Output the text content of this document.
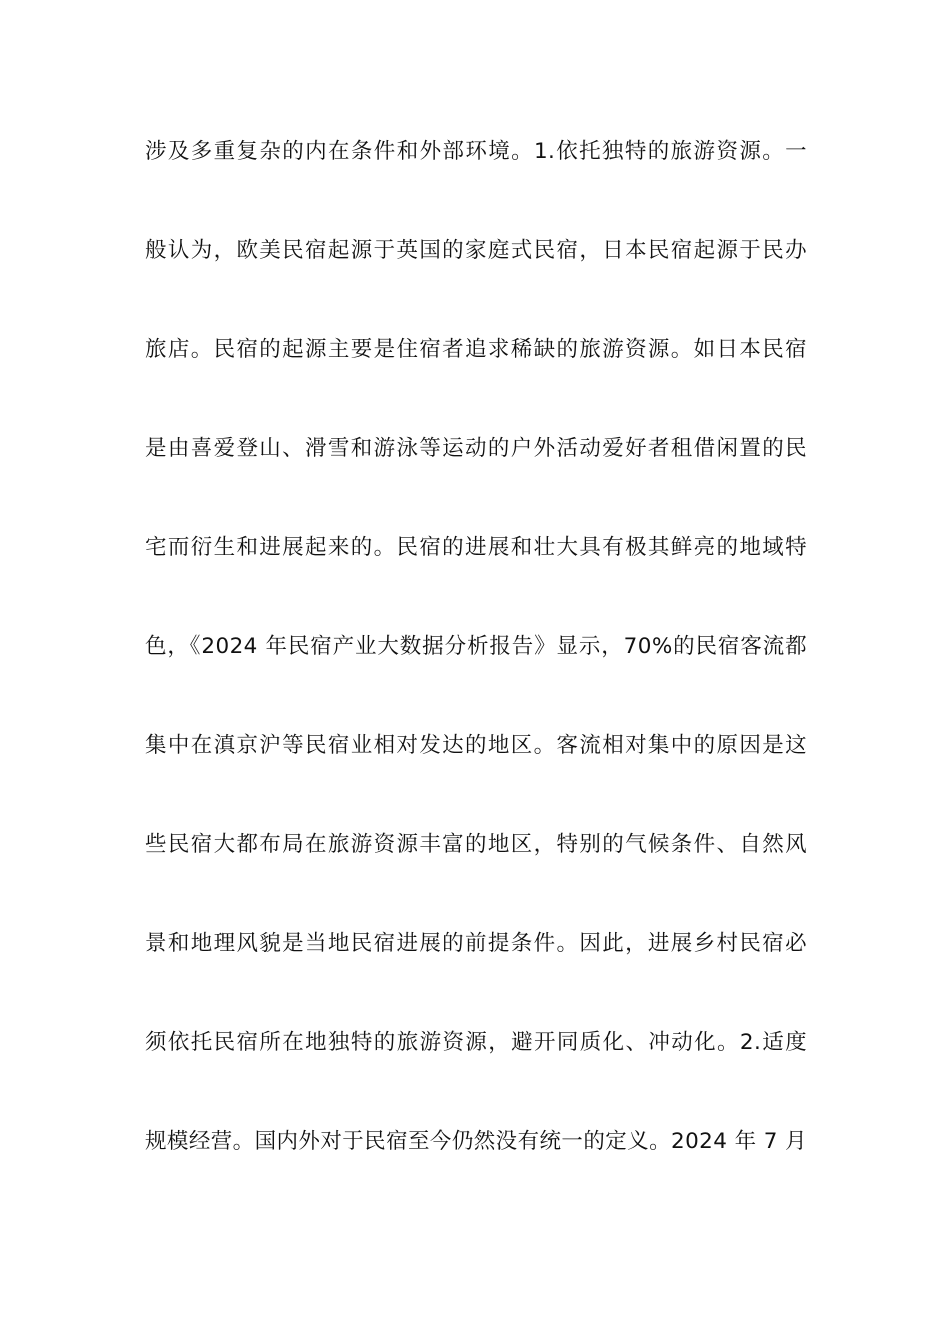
涉及多重复杂的内在条件和外部环境。1.依托独特的旅游资源。一
般认为，欧美民宿起源于英国的家庭式民宿，日本民宿起源于民办
旅店。民宿的起源主要是住宿者追求稀缺的旅游资源。如日本民宿
是由喜爱登山、滑雪和游泳等运动的户外活动爱好者租借闲置的民
宅而衍生和进展起来的。民宿的进展和壮大具有极其鲜亮的地域特
色，《2024 年民宿产业大数据分析报告》显示，70%的民宿客流都
集中在滇京沪等民宿业相对发达的地区。客流相对集中的原因是这
些民宿大都布局在旅游资源丰富的地区，特别的气候条件、自然风
景和地理风貌是当地民宿进展的前提条件。因此，进展乡村民宿必
须依托民宿所在地独特的旅游资源，避开同质化、冲动化。2.适度
规模经营。国内外对于民宿至今仍然没有统一的定义。2024 年 7 月
